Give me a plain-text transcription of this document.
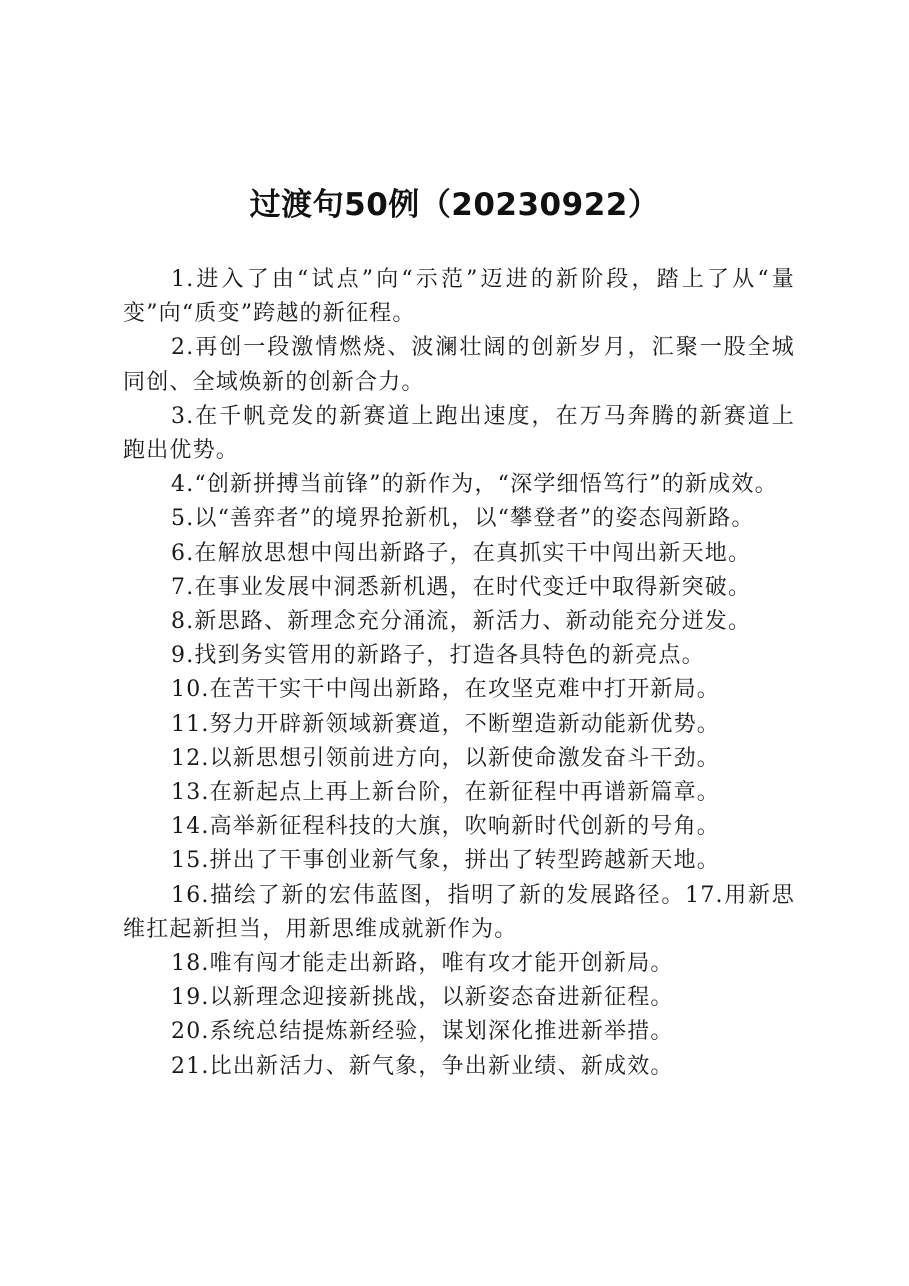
过渡句50例（20230922）

1.进入了由“试点”向“示范”迈进的新阶段，踏上了从“量变”向“质变”跨越的新征程。

2.再创一段激情燃烧、波澜壮阔的创新岁月，汇聚一股全城同创、全域焕新的创新合力。

3.在千帆竞发的新赛道上跑出速度，在万马奔腾的新赛道上跑出优势。

4.“创新拼搏当前锋”的新作为，“深学细悟笃行”的新成效。

5.以“善弈者”的境界抢新机，以“攀登者”的姿态闯新路。

6.在解放思想中闯出新路子，在真抓实干中闯出新天地。

7.在事业发展中洞悉新机遇，在时代变迁中取得新突破。

8.新思路、新理念充分涌流，新活力、新动能充分迸发。

9.找到务实管用的新路子，打造各具特色的新亮点。

10.在苦干实干中闯出新路，在攻坚克难中打开新局。

11.努力开辟新领域新赛道，不断塑造新动能新优势。

12.以新思想引领前进方向，以新使命激发奋斗干劲。

13.在新起点上再上新台阶，在新征程中再谱新篇章。

14.高举新征程科技的大旗，吹响新时代创新的号角。

15.拼出了干事创业新气象，拼出了转型跨越新天地。

16.描绘了新的宏伟蓝图，指明了新的发展路径。17.用新思维扛起新担当，用新思维成就新作为。

18.唯有闯才能走出新路，唯有攻才能开创新局。

19.以新理念迎接新挑战，以新姿态奋进新征程。

20.系统总结提炼新经验，谋划深化推进新举措。

21.比出新活力、新气象，争出新业绩、新成效。
